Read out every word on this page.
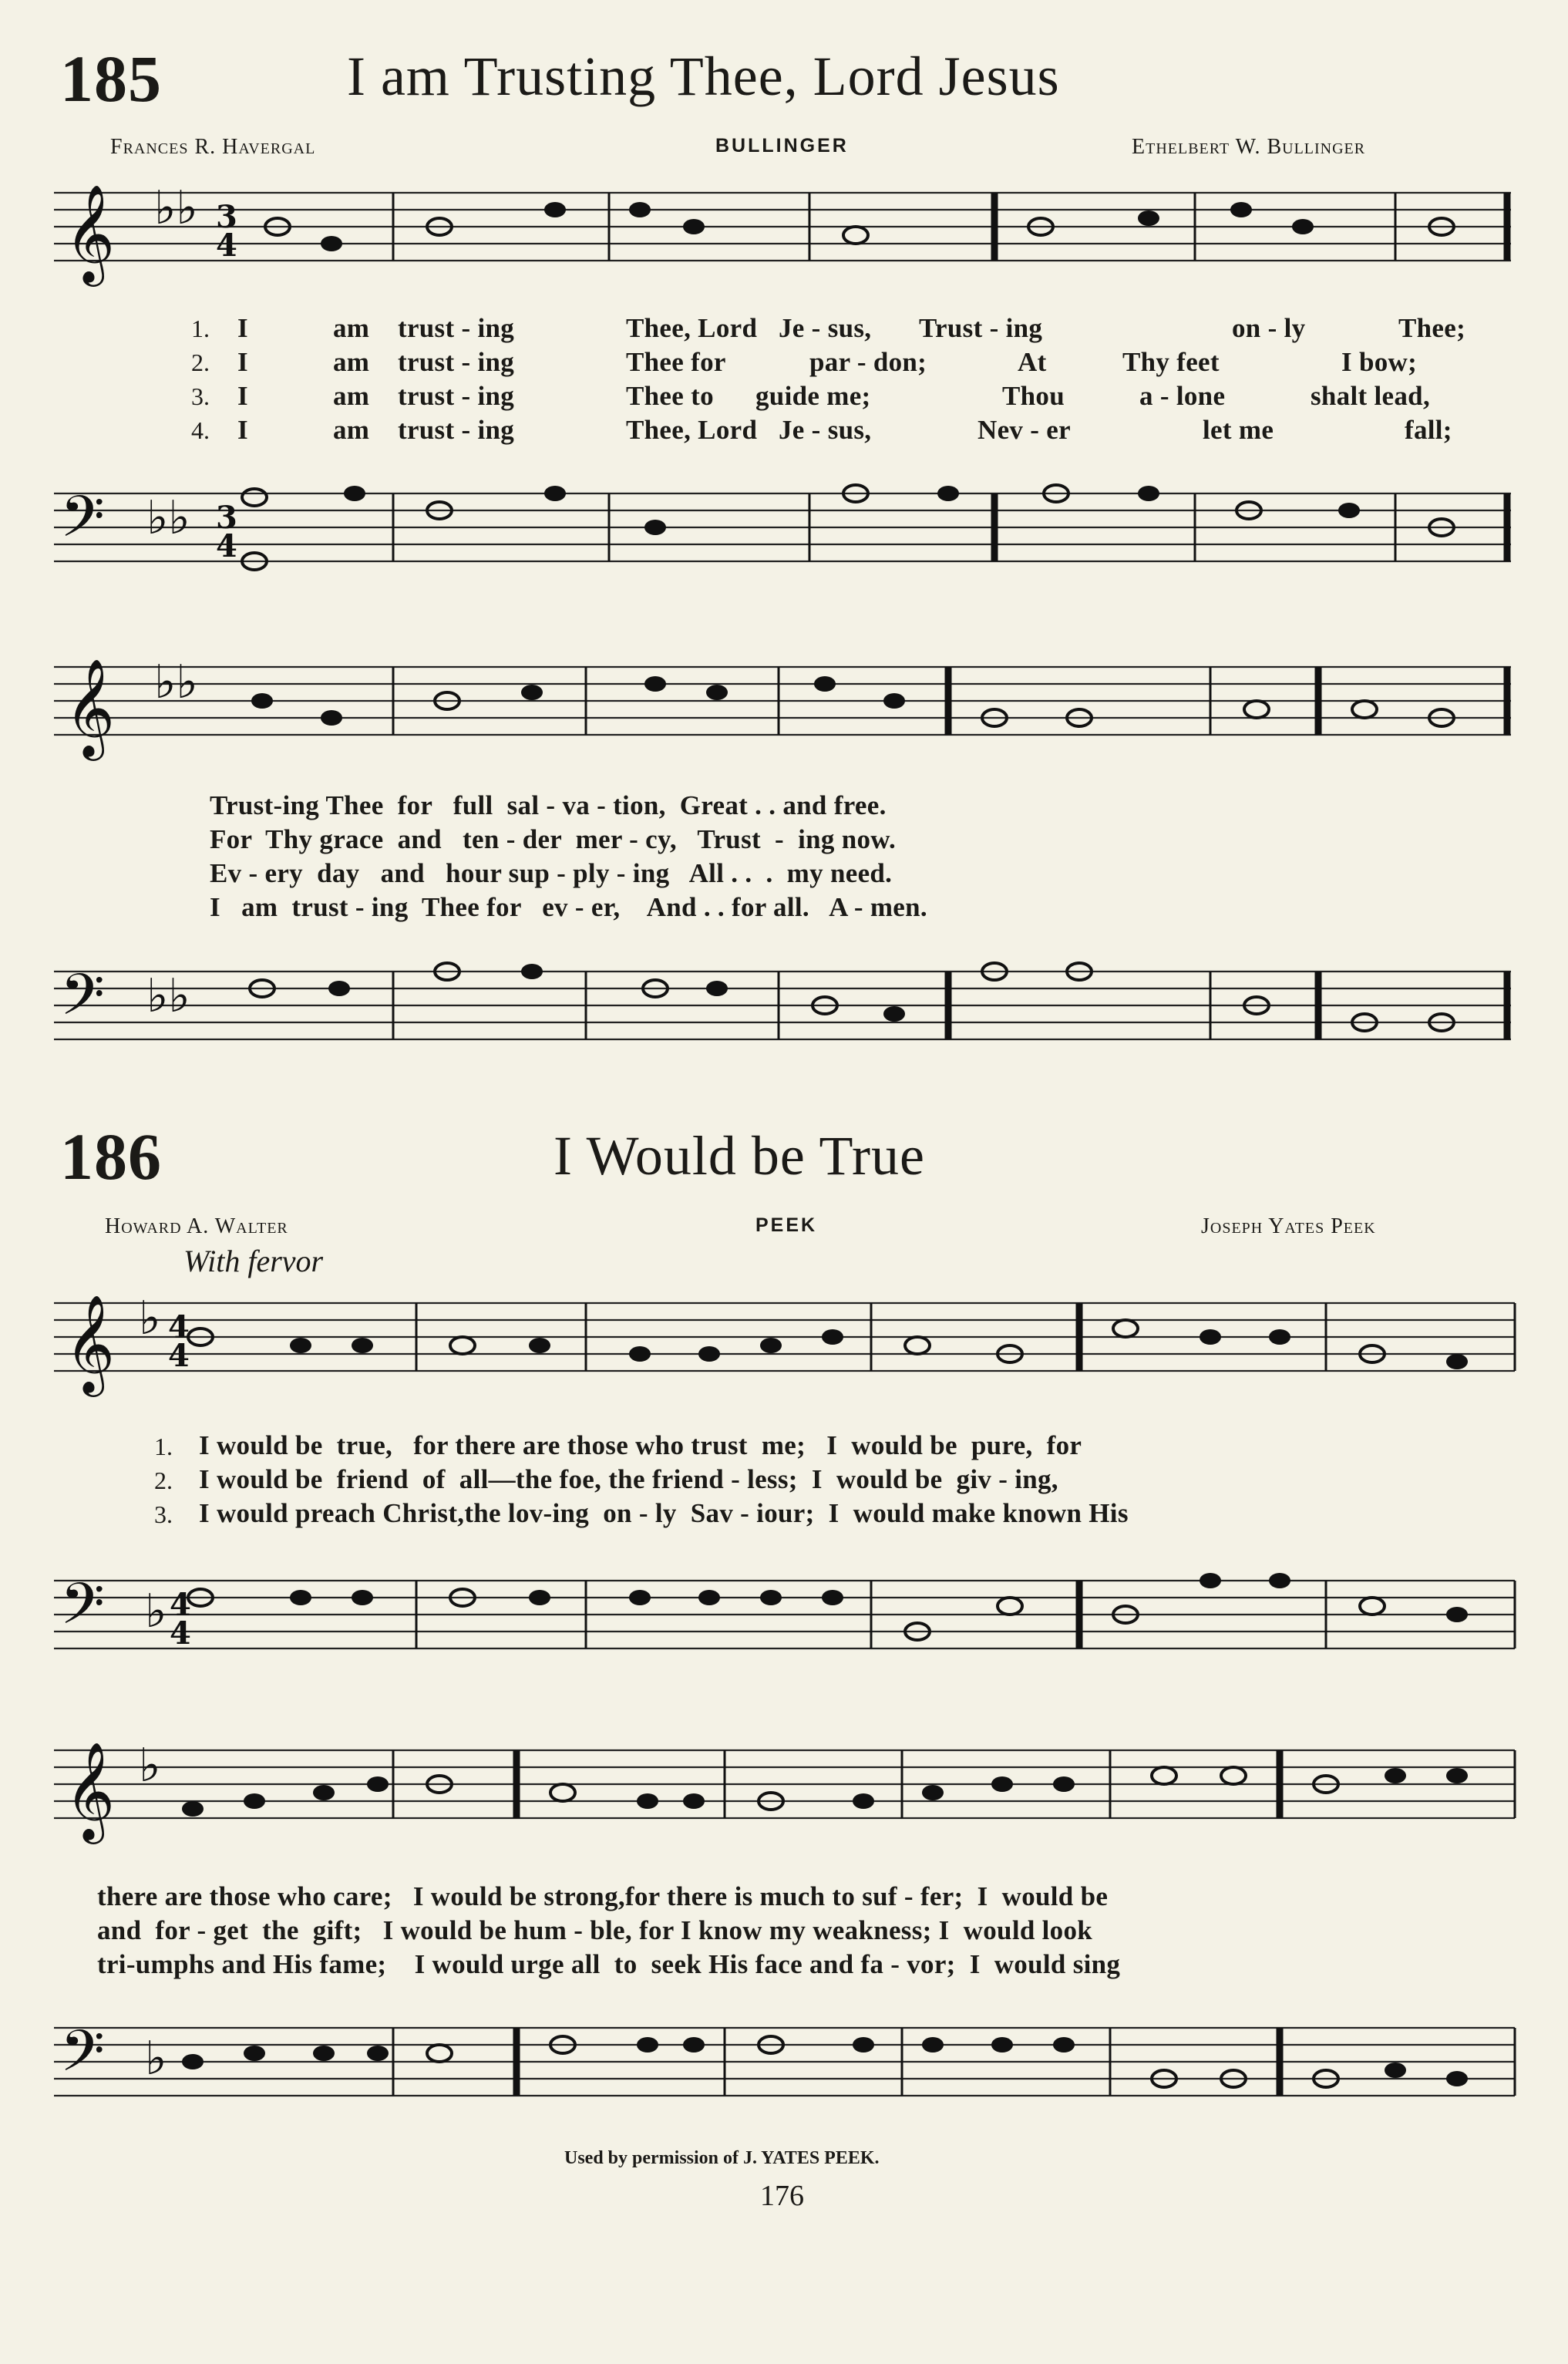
185	I am Trusting Thee, Lord Jesus
Frances R. Havergal	BULLINGER	Ethelbert W. Bullinger
𝄞 ♭♭ 3
4
1.
2.
3.
4.
I	am trust - ing	Thee, Lord Je - sus, Trust - ing	on - ly	Thee;
I	am trust - ing	Thee for	par - don;	At	Thy feet	I bow;
I	am trust - ing	Thee to guide me;	Thou	a - lone	shalt lead,
I	am trust - ing	Thee, Lord Je - sus,	Nev - er	let me	fall;
𝄢 ♭♭ 3
4
𝄞 ♭♭
Trust-ing Thee  for   full  sal - va - tion,  Great . . and free.
For  Thy grace  and   ten - der  mer - cy,   Trust  -  ing now.
Ev - ery  day   and   hour sup - ply - ing   All . .  .  my need.
I   am  trust - ing  Thee for   ev - er,    And . . for all.   A - men.
𝄢 ♭♭
186	I Would be True
Howard A. Walter	PEEK	Joseph Yates Peek
With fervor
𝄞 ♭ 4
4
1.
2.
3.
I would be  true,   for there are those who trust  me;   I  would be  pure,  for
I would be  friend  of  all—the foe, the friend - less;  I  would be  giv - ing,
I would preach Christ,the lov-ing  on - ly  Sav - iour;  I  would make known His
𝄢 ♭ 4
4
𝄞 ♭
there are those who care;   I would be strong,for there is much to suf - fer;  I  would be
and  for - get  the  gift;   I would be hum - ble, for I know my weakness; I  would look
tri-umphs and His fame;    I would urge all  to  seek His face and fa - vor;  I  would sing
𝄢 ♭
Used by permission of J. YATES PEEK.
176
